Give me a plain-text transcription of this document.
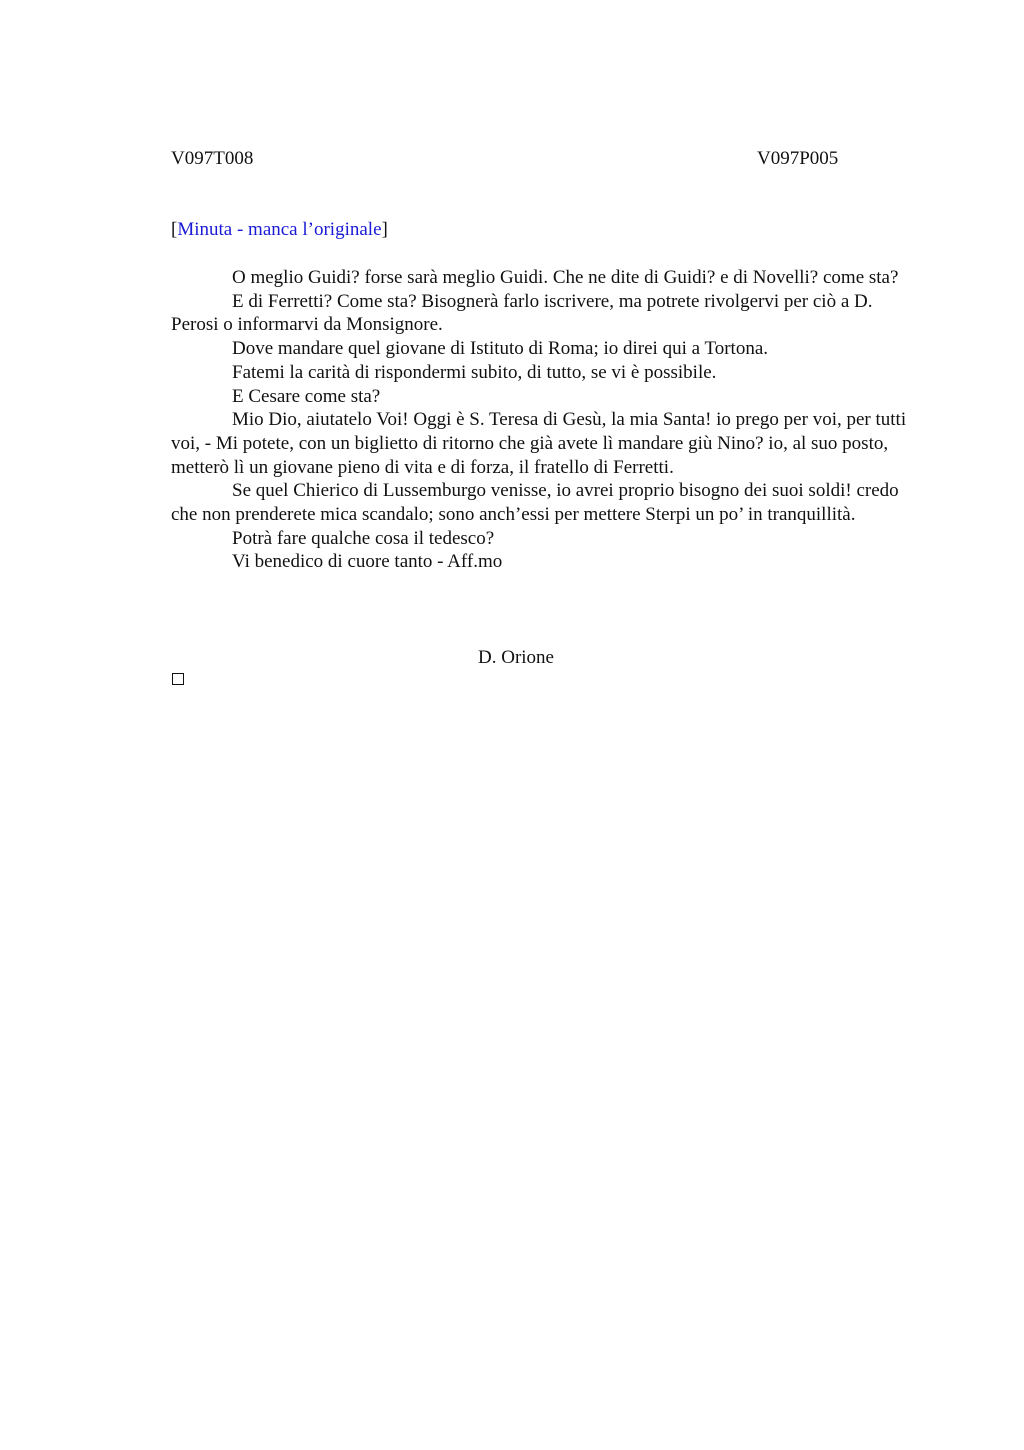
V097T008	V097P005
[Minuta - manca l’originale]

O meglio Guidi? forse sarà meglio Guidi. Che ne dite di Guidi? e di Novelli? come sta?

E di Ferretti? Come sta? Bisognerà farlo iscrivere, ma potrete rivolgervi per ciò a D. Perosi o informarvi da Monsignore.

Dove mandare quel giovane di Istituto di Roma; io direi qui a Tortona.

Fatemi la carità di rispondermi subito, di tutto, se vi è possibile.

E Cesare come sta?

Mio Dio, aiutatelo Voi! Oggi è S. Teresa di Gesù, la mia Santa! io prego per voi, per tutti voi, - Mi potete, con un biglietto di ritorno che già avete lì mandare giù Nino? io, al suo posto, metterò lì un giovane pieno di vita e di forza, il fratello di Ferretti.

Se quel Chierico di Lussemburgo venisse, io avrei proprio bisogno dei suoi soldi! credo che non prenderete mica scandalo; sono anch’essi per mettere Sterpi un po’ in tranquillità.

Potrà fare qualche cosa il tedesco?

Vi benedico di cuore tanto - Aff.mo

D. Orione
